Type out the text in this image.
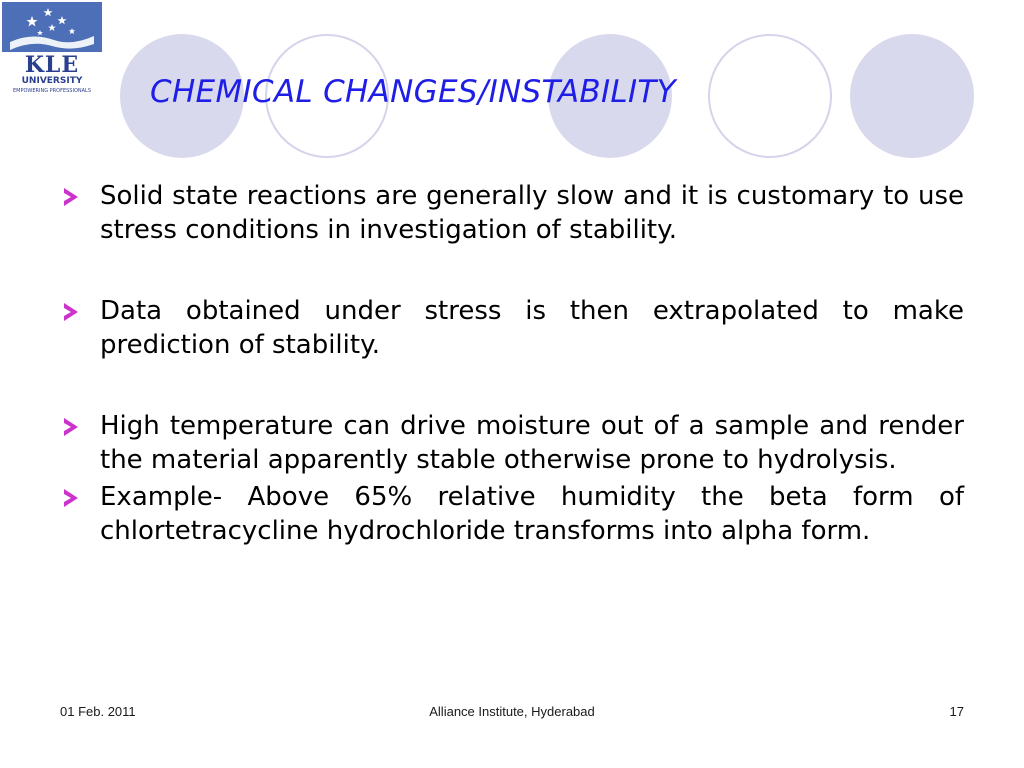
KLE
UNIVERSITY
EMPOWERING PROFESSIONALS	CHEMICAL CHANGES/INSTABILITY
Solid state reactions are generally slow and it is customary to use stress conditions in investigation of stability.
Data obtained under stress is then extrapolated to make prediction of stability.
High temperature can drive moisture out of a sample and render the material apparently stable otherwise prone to hydrolysis.
Example- Above 65% relative humidity the beta form of chlortetracycline hydrochloride transforms into alpha form.
01 Feb. 2011	Alliance Institute, Hyderabad	17
